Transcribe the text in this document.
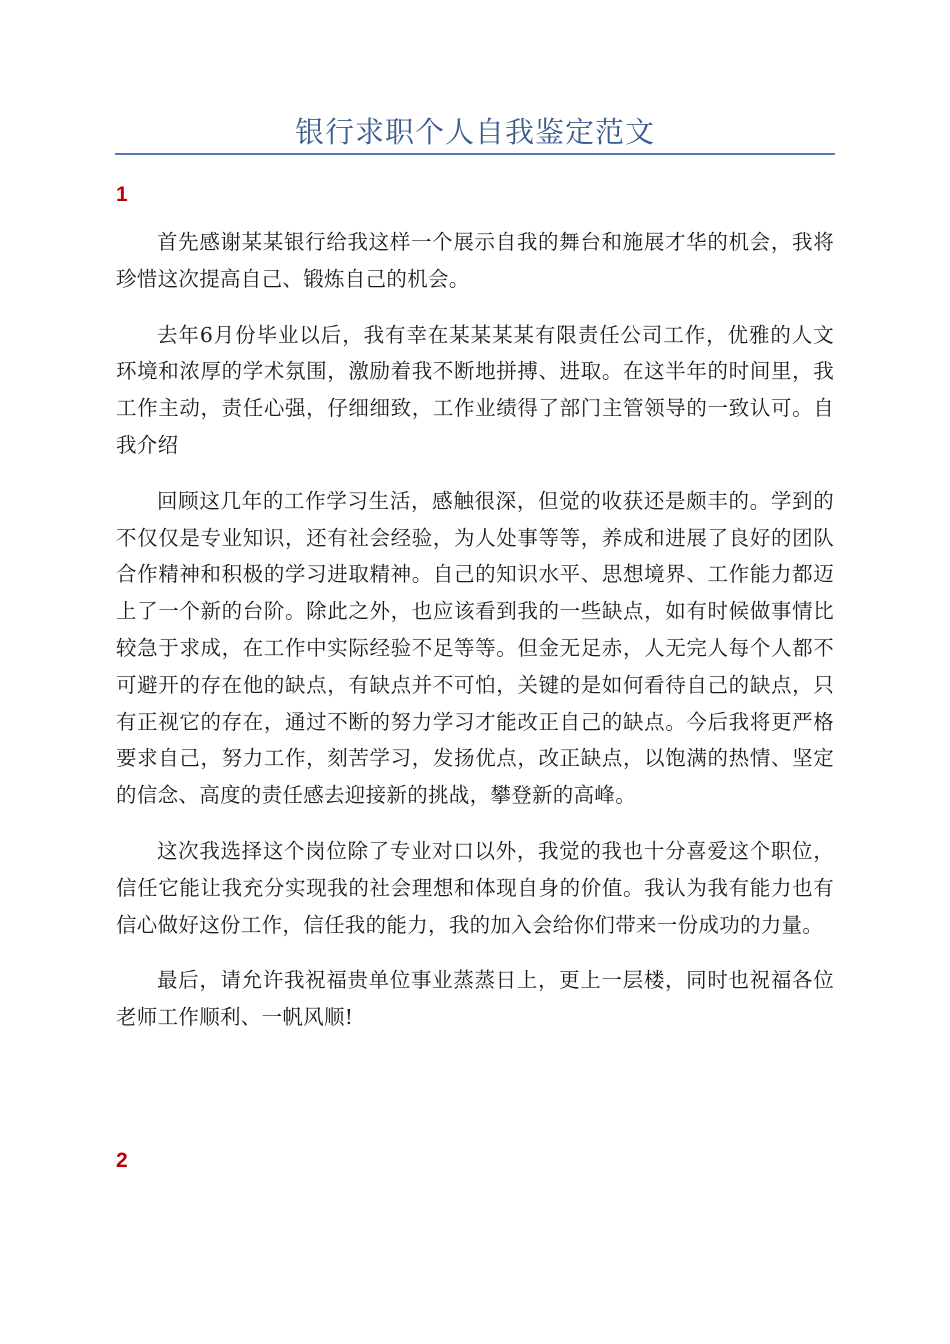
银行求职个人自我鉴定范文
1

首先感谢某某银行给我这样一个展示自我的舞台和施展才华的机会，我将珍惜这次提高自己、锻炼自己的机会。

去年6月份毕业以后，我有幸在某某某某有限责任公司工作，优雅的人文环境和浓厚的学术氛围，激励着我不断地拼搏、进取。在这半年的时间里，我工作主动，责任心强，仔细细致，工作业绩得了部门主管领导的一致认可。自我介绍

回顾这几年的工作学习生活，感触很深，但觉的收获还是颇丰的。学到的不仅仅是专业知识，还有社会经验，为人处事等等，养成和进展了良好的团队合作精神和积极的学习进取精神。自己的知识水平、思想境界、工作能力都迈上了一个新的台阶。除此之外，也应该看到我的一些缺点，如有时候做事情比较急于求成，在工作中实际经验不足等等。但金无足赤，人无完人每个人都不可避开的存在他的缺点，有缺点并不可怕，关键的是如何看待自己的缺点，只有正视它的存在，通过不断的努力学习才能改正自己的缺点。今后我将更严格要求自己，努力工作，刻苦学习，发扬优点，改正缺点，以饱满的热情、坚定的信念、高度的责任感去迎接新的挑战，攀登新的高峰。

这次我选择这个岗位除了专业对口以外，我觉的我也十分喜爱这个职位，信任它能让我充分实现我的社会理想和体现自身的价值。我认为我有能力也有信心做好这份工作，信任我的能力，我的加入会给你们带来一份成功的力量。

最后，请允许我祝福贵单位事业蒸蒸日上，更上一层楼，同时也祝福各位老师工作顺利、一帆风顺!

2
